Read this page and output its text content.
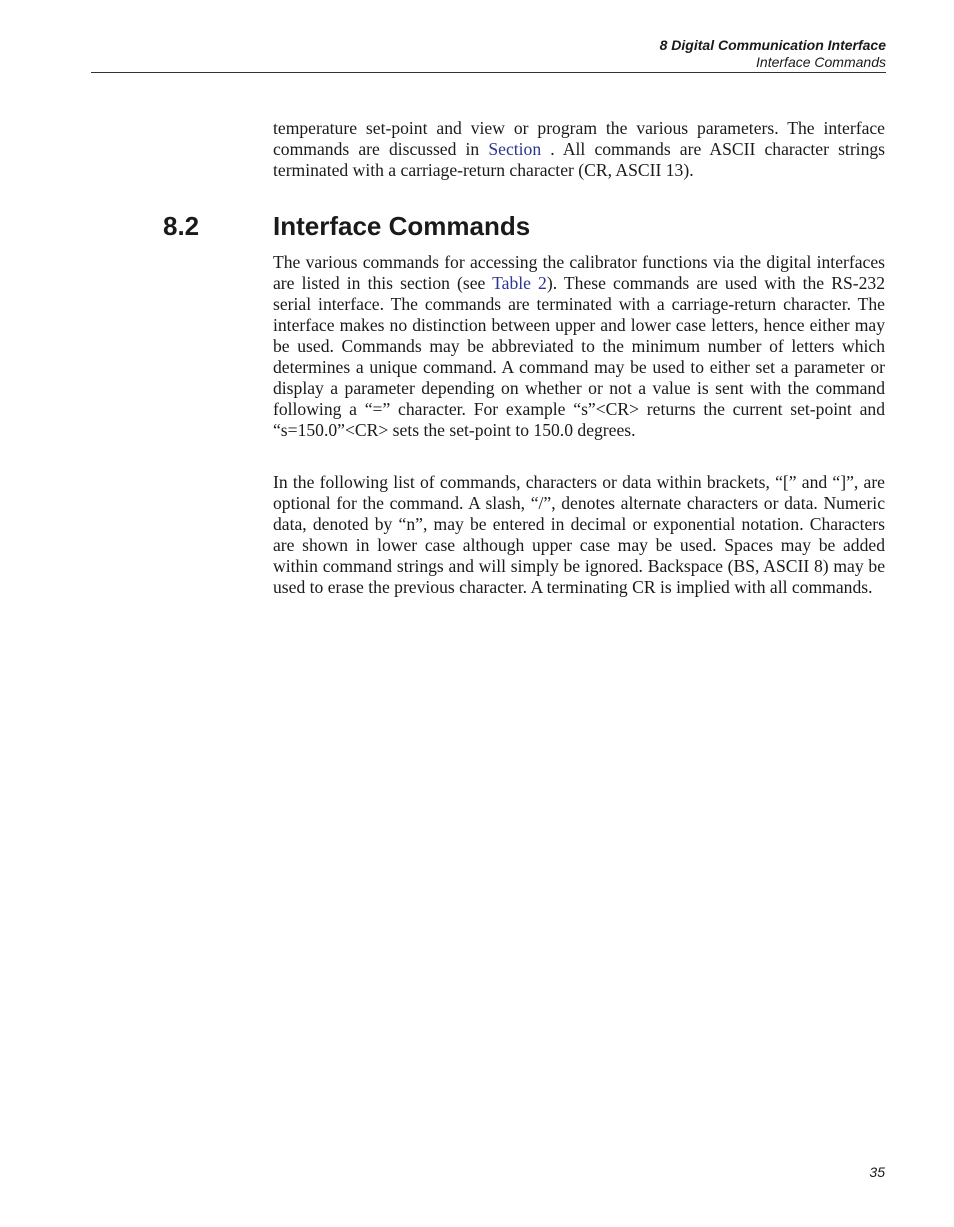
8 Digital Communication Interface
Interface Commands

temperature set-point and view or program the various parameters. The interface commands are discussed in Section . All commands are ASCII character strings terminated with a carriage-return character (CR, ASCII 13).

8.2	Interface Commands

The various commands for accessing the calibrator functions via the digital interfaces are listed in this section (see Table 2). These commands are used with the RS-232 serial interface. The commands are terminated with a carriage-return character. The interface makes no distinction between upper and lower case letters, hence either may be used. Commands may be abbreviated to the minimum number of letters which determines a unique command. A command may be used to either set a parameter or display a parameter depending on whether or not a value is sent with the command following a “=” character. For example “s”<CR> returns the current set-point and “s=150.0”<CR> sets the set-point to 150.0 degrees.

In the following list of commands, characters or data within brackets, “[” and “]”, are optional for the command. A slash, “/”, denotes alternate characters or data. Numeric data, denoted by “n”, may be entered in decimal or exponential notation. Characters are shown in lower case although upper case may be used. Spaces may be added within command strings and will simply be ignored. Backspace (BS, ASCII 8) may be used to erase the previous character. A terminating CR is implied with all commands.

35
